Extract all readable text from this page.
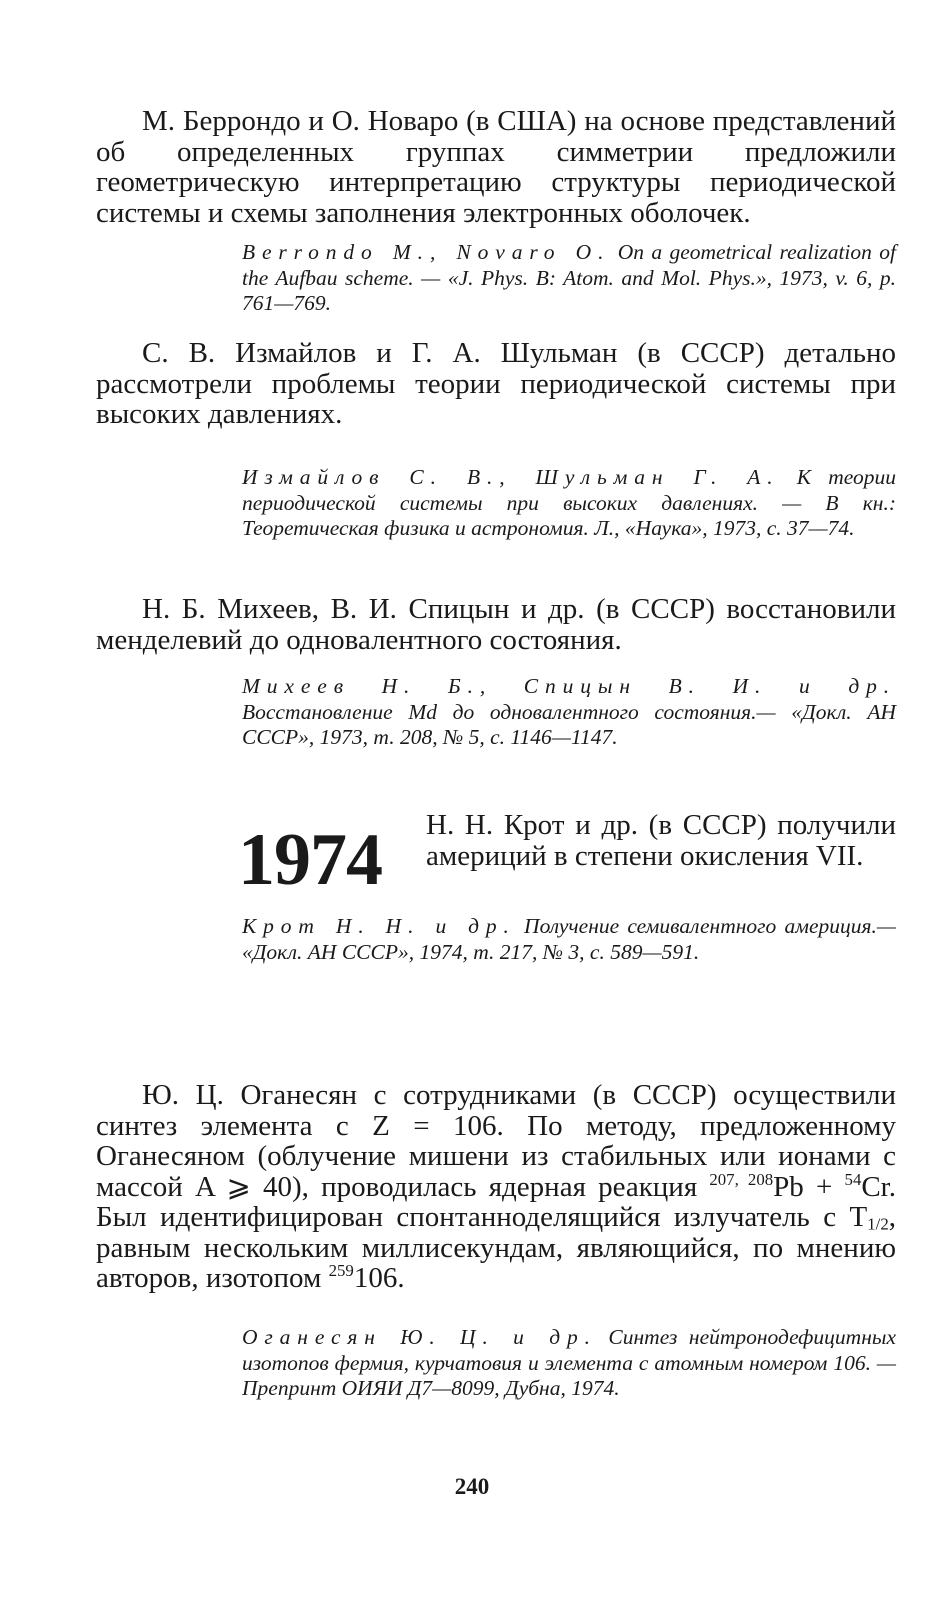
М. Беррондо и О. Новаро (в США) на основе представлений об определенных группах симметрии предложили геометрическую интерпретацию структуры периодической системы и схемы заполнения электронных оболочек.

Berrondo M., Novaro O. On a geometrical realization of the Aufbau scheme. — «J. Phys. B: Atom. and Mol. Phys.», 1973, v. 6, p. 761—769.

С. В. Измайлов и Г. А. Шульман (в СССР) детально рассмотрели проблемы теории периодической системы при высоких давлениях.

Измайлов С. В., Шульман Г. А. К теории периодической системы при высоких давлениях. — В кн.: Теоретическая физика и астрономия. Л., «Наука», 1973, с. 37—74.

Н. Б. Михеев, В. И. Спицын и др. (в СССР) восстановили менделевий до одновалентного состояния.

Михеев Н. Б., Спицын В. И. и др. Восстановление Md до одновалентного состояния.— «Докл. АН СССР», 1973, т. 208, № 5, с. 1146—1147.

1974 Н. Н. Крот и др. (в СССР) получили америций в степени окисления VII.

Крот Н. Н. и др. Получение семивалентного америция.— «Докл. АН СССР», 1974, т. 217, № 3, с. 589—591.

Ю. Ц. Оганесян с сотрудниками (в СССР) осуществили синтез элемента с Z = 106. По методу, предложенному Оганесяном (облучение мишени из стабильных или ионами с массой A ⩾ 40), проводилась ядерная реакция $^{207, 208}$Pb + $^{54}$Cr. Был идентифицирован спонтанноделящийся излучатель с $T_{1/2}$, равным нескольким миллисекундам, являющийся, по мнению авторов, изотопом $^{259}$106.

Оганесян Ю. Ц. и др. Синтез нейтронодефицитных изотопов фермия, курчатовия и элемента с атомным номером 106. — Препринт ОИЯИ Д7—8099, Дубна, 1974.

240
